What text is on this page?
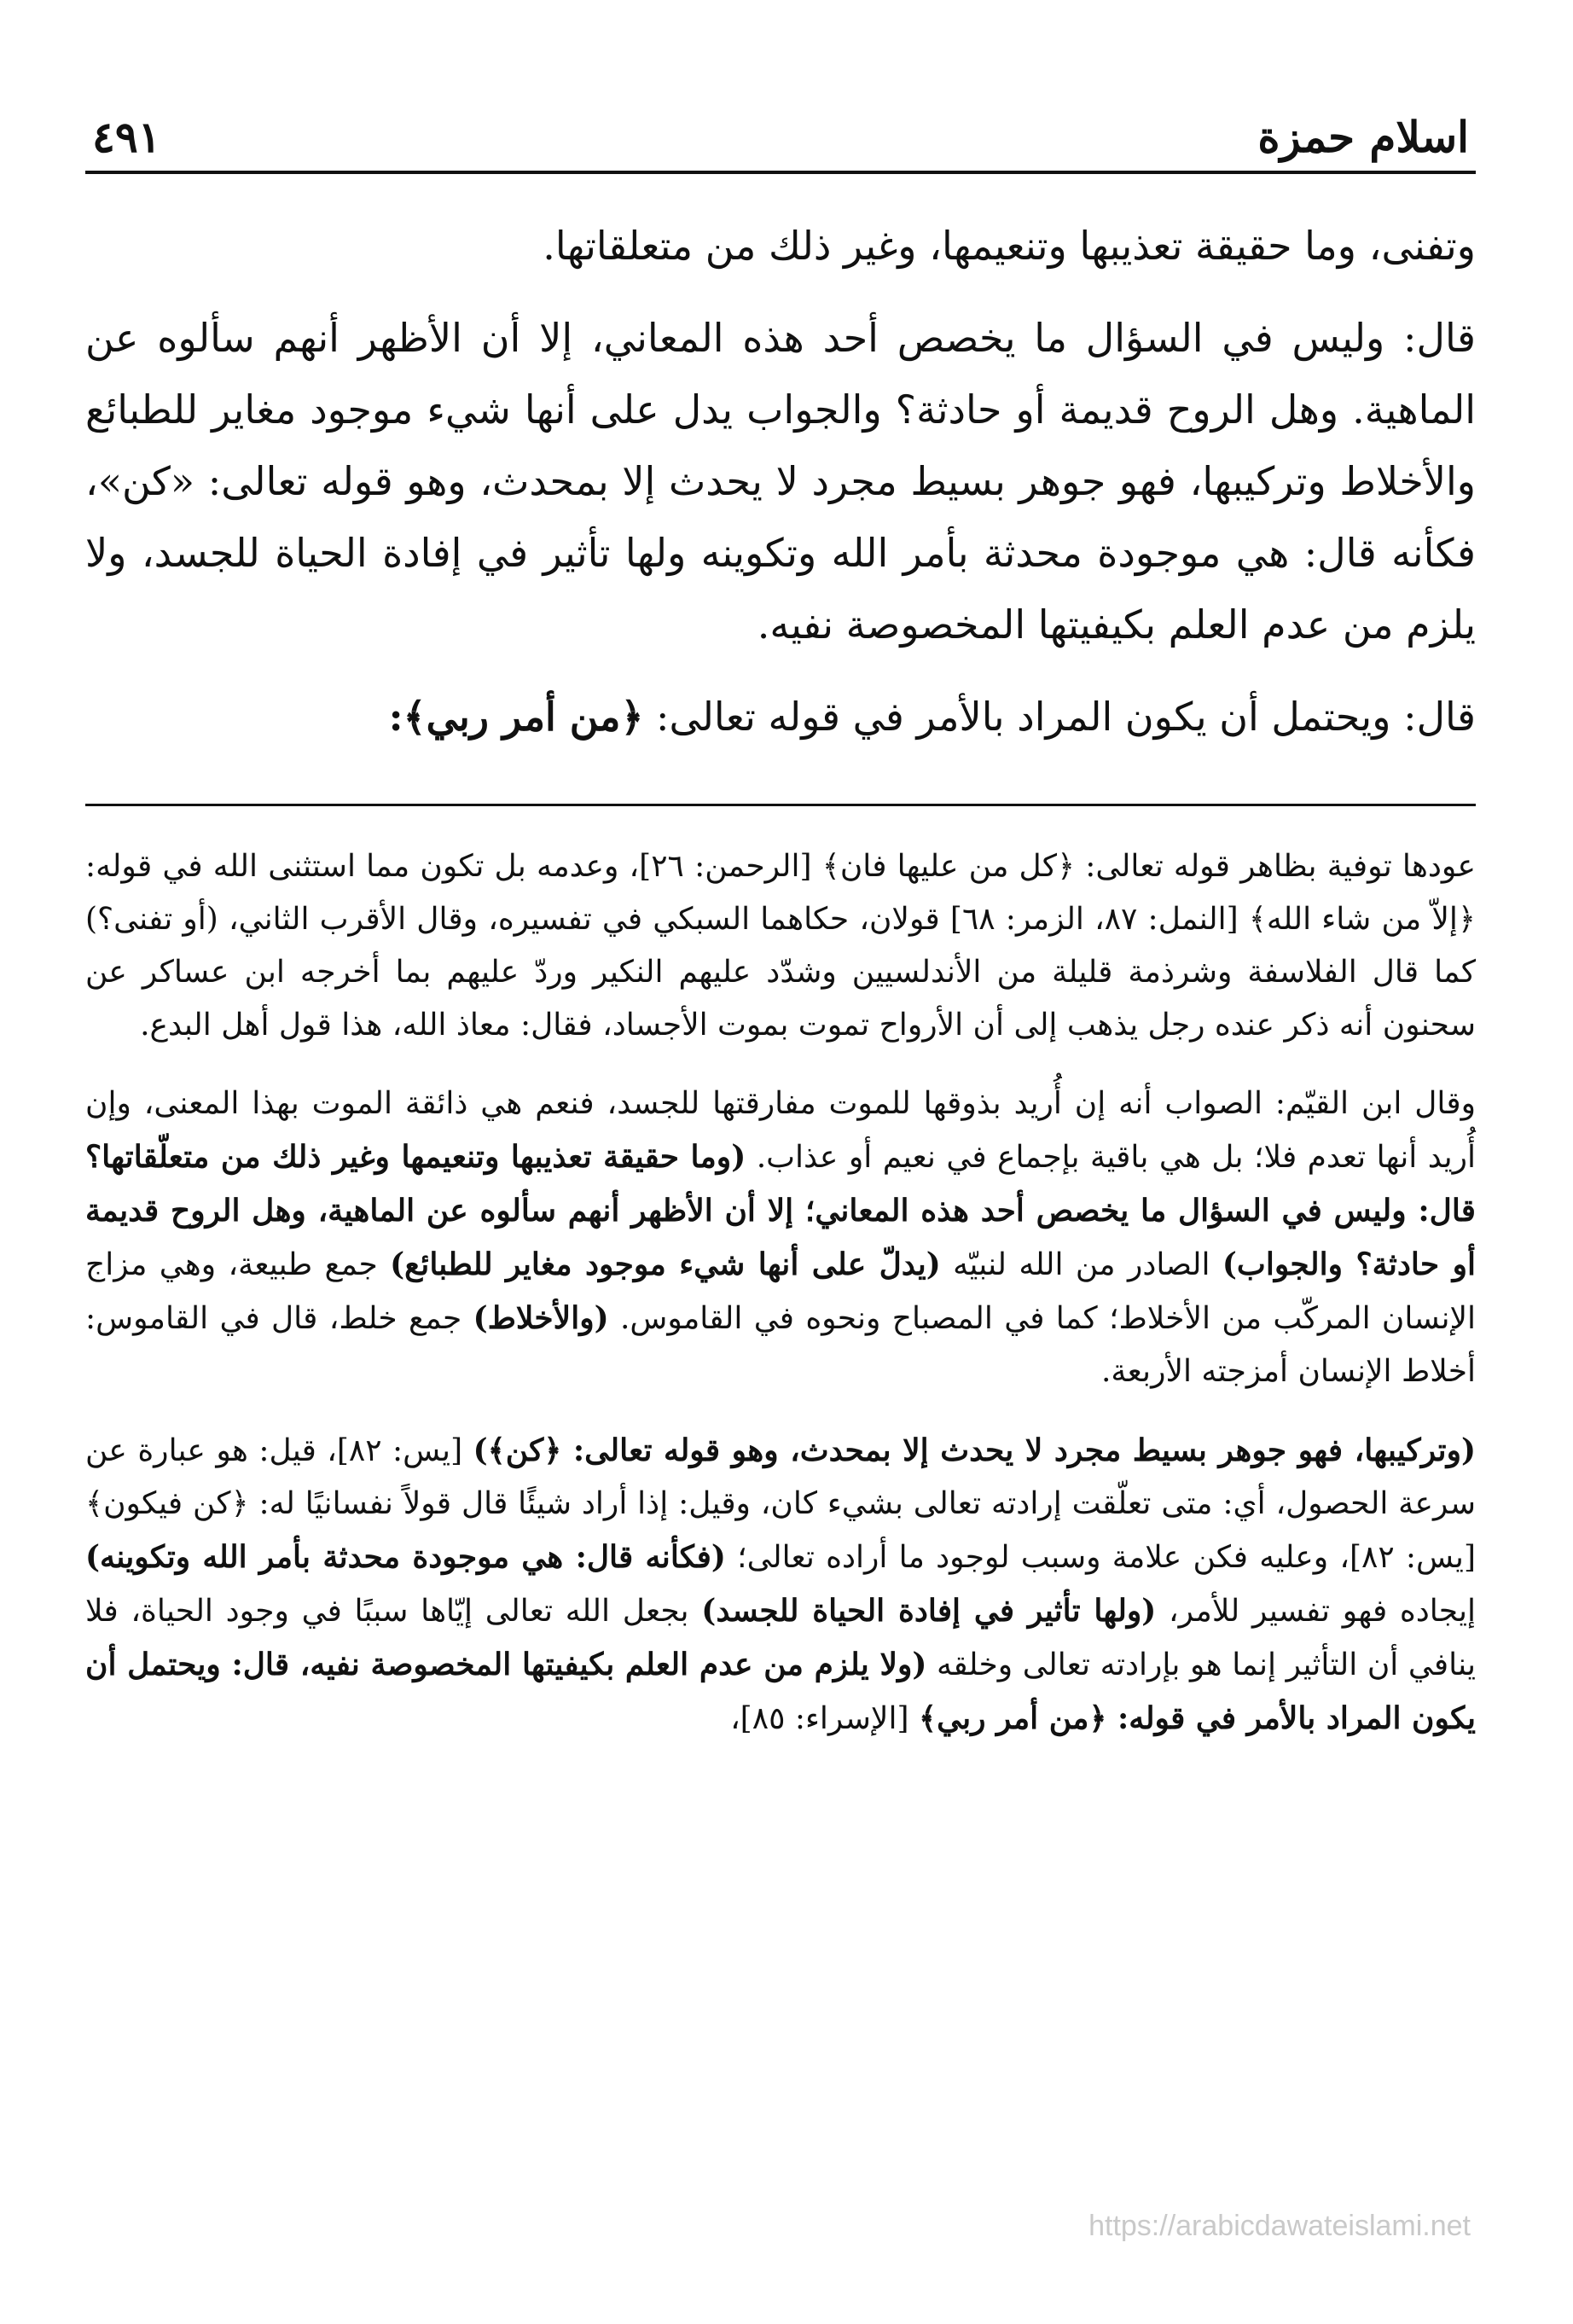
اسلام حمزة
٤٩١

وتفنى، وما حقيقة تعذيبها وتنعيمها، وغير ذلك من متعلقاتها.

قال: وليس في السؤال ما يخصص أحد هذه المعاني، إلا أن الأظهر أنهم سألوه عن الماهية. وهل الروح قديمة أو حادثة؟ والجواب يدل على أنها شيء موجود مغاير للطبائع والأخلاط وتركيبها، فهو جوهر بسيط مجرد لا يحدث إلا بمحدث، وهو قوله تعالى: «كن»، فكأنه قال: هي موجودة محدثة بأمر الله وتكوينه ولها تأثير في إفادة الحياة للجسد، ولا يلزم من عدم العلم بكيفيتها المخصوصة نفيه.

قال: ويحتمل أن يكون المراد بالأمر في قوله تعالى: ﴿من أمر ربي﴾:

عودها توفية بظاهر قوله تعالى: ﴿كل من عليها فان﴾ [الرحمن: ٢٦]، وعدمه بل تكون مما استثنى الله في قوله: ﴿إلاّ من شاء الله﴾ [النمل: ٨٧، الزمر: ٦٨] قولان، حكاهما السبكي في تفسيره، وقال الأقرب الثاني، (أو تفنى؟) كما قال الفلاسفة وشرذمة قليلة من الأندلسيين وشدّد عليهم النكير وردّ عليهم بما أخرجه ابن عساكر عن سحنون أنه ذكر عنده رجل يذهب إلى أن الأرواح تموت بموت الأجساد، فقال: معاذ الله، هذا قول أهل البدع.

وقال ابن القيّم: الصواب أنه إن أُريد بذوقها للموت مفارقتها للجسد، فنعم هي ذائقة الموت بهذا المعنى، وإن أُريد أنها تعدم فلا؛ بل هي باقية بإجماع في نعيم أو عذاب. (وما حقيقة تعذيبها وتنعيمها وغير ذلك من متعلّقاتها؟ قال: وليس في السؤال ما يخصص أحد هذه المعاني؛ إلا أن الأظهر أنهم سألوه عن الماهية، وهل الروح قديمة أو حادثة؟ والجواب) الصادر من الله لنبيّه (يدلّ على أنها شيء موجود مغاير للطبائع) جمع طبيعة، وهي مزاج الإنسان المركّب من الأخلاط؛ كما في المصباح ونحوه في القاموس. (والأخلاط) جمع خلط، قال في القاموس: أخلاط الإنسان أمزجته الأربعة.

(وتركيبها، فهو جوهر بسيط مجرد لا يحدث إلا بمحدث، وهو قوله تعالى: ﴿كن﴾) [يس: ٨٢]، قيل: هو عبارة عن سرعة الحصول، أي: متى تعلّقت إرادته تعالى بشيء كان، وقيل: إذا أراد شيئًا قال قولاً نفسانيًا له: ﴿كن فيكون﴾ [يس: ٨٢]، وعليه فكن علامة وسبب لوجود ما أراده تعالى؛ (فكأنه قال: هي موجودة محدثة بأمر الله وتكوينه) إيجاده فهو تفسير للأمر، (ولها تأثير في إفادة الحياة للجسد) بجعل الله تعالى إيّاها سببًا في وجود الحياة، فلا ينافي أن التأثير إنما هو بإرادته تعالى وخلقه (ولا يلزم من عدم العلم بكيفيتها المخصوصة نفيه، قال: ويحتمل أن يكون المراد بالأمر في قوله: ﴿من أمر ربي﴾ [الإسراء: ٨٥]،

https://arabicdawateislami.net
